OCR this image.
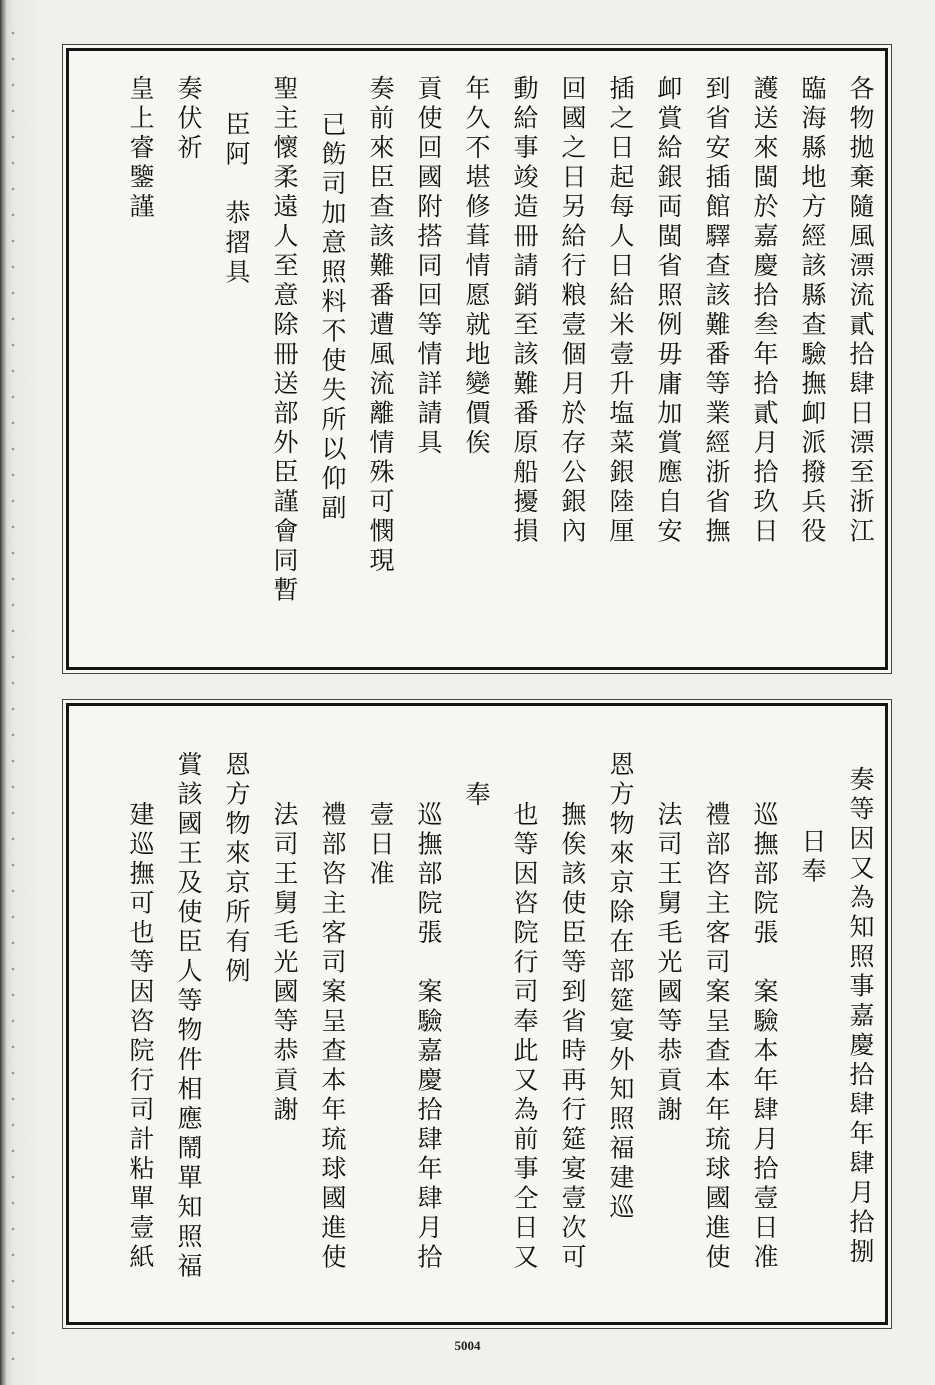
各物拋棄隨風漂流貳拾肆日漂至浙江
臨海縣地方經該縣查驗撫卹派撥兵役
護送來閩於嘉慶拾叁年拾貳月拾玖日
到省安插館驛查該難番等業經浙省撫
卹賞給銀両閩省照例毋庸加賞應自安
插之日起每人日給米壹升塩菜銀陸厘
回國之日另給行粮壹個月於存公銀內
動給事竣造冊請銷至該難番原船擾損
年久不堪修葺情愿就地變價俟
貢使回國附搭同回等情詳請具
奏前來臣查該難番遭風流離情殊可憫現
已飭司加意照料不使失所以仰副
聖主懷柔遠人至意除冊送部外臣謹會同暫
臣阿　恭摺具
奏伏祈
皇上睿鑒謹
奏等因又為知照事嘉慶拾肆年肆月拾捌
日奉
巡撫部院張　案驗本年肆月拾壹日准
禮部咨主客司案呈查本年琉球國進使
法司王舅毛光國等恭貢謝
恩方物來京除在部筵宴外知照福建巡
撫俟該使臣等到省時再行筵宴壹次可
也等因咨院行司奉此又為前事仝日又
奉
巡撫部院張　案驗嘉慶拾肆年肆月拾
壹日准
禮部咨主客司案呈查本年琉球國進使
法司王舅毛光國等恭貢謝
恩方物來京所有例
賞該國王及使臣人等物件相應鬧單知照福
建巡撫可也等因咨院行司計粘單壹紙
5004
